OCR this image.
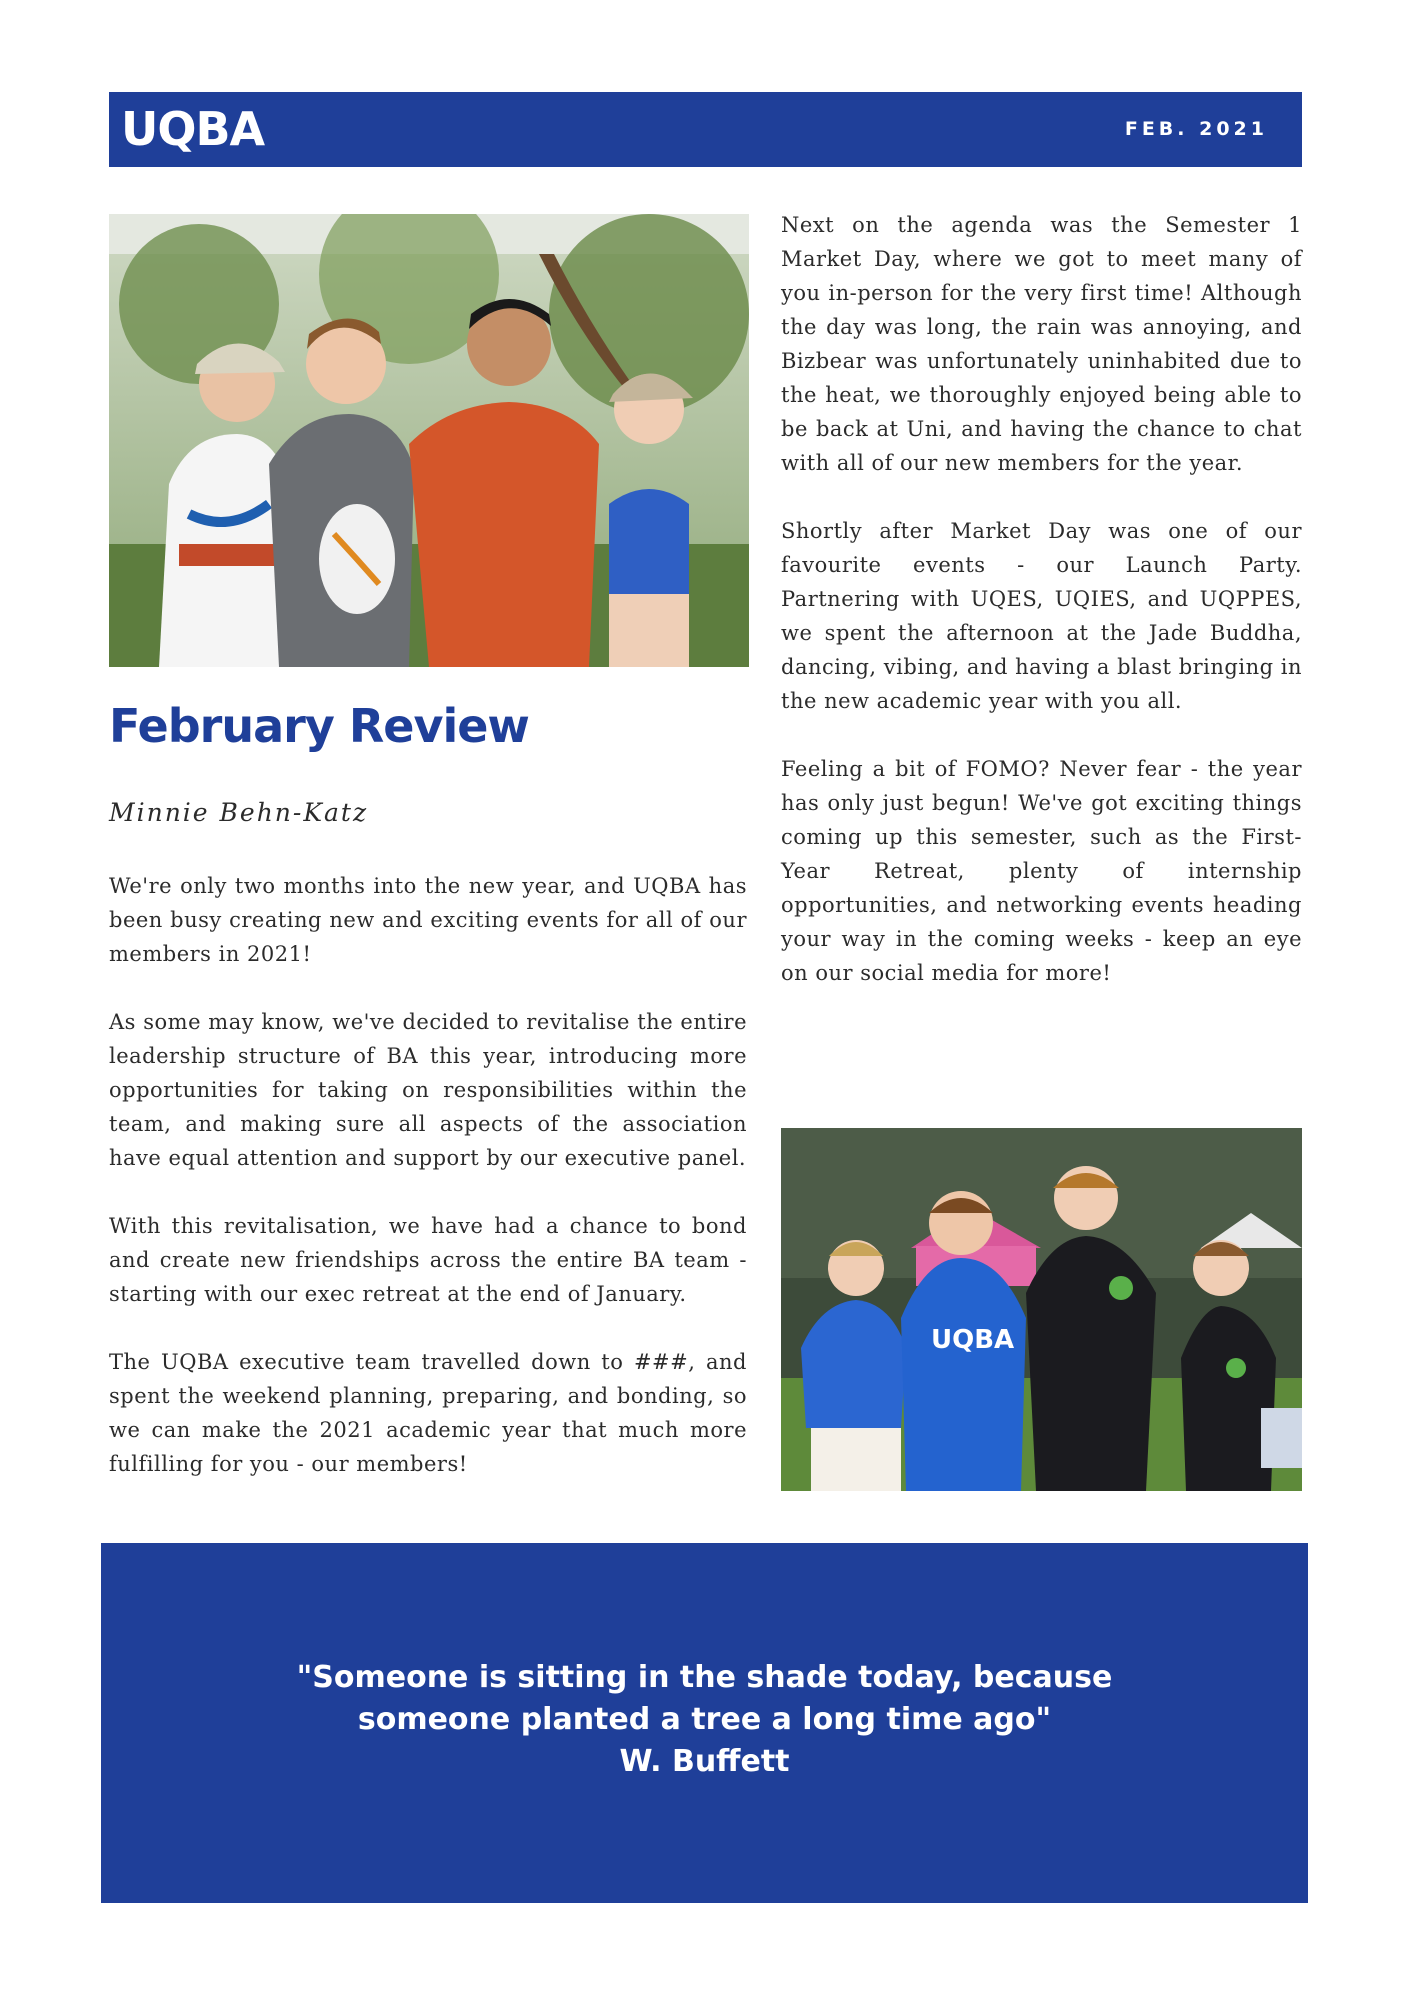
UQBA	FEB. 2021
February Review
Minnie Behn-Katz

We're only two months into the new year, and UQBA has been busy creating new and exciting events for all of our members in 2021!

As some may know, we've decided to revitalise the entire leadership structure of BA this year, introducing more opportunities for taking on responsibilities within the team, and making sure all aspects of the association have equal attention and support by our executive panel.

With this revitalisation, we have had a chance to bond and create new friendships across the entire BA team - starting with our exec retreat at the end of January.

The UQBA executive team travelled down to ###, and spent the weekend planning, preparing, and bonding, so we can make the 2021 academic year that much more fulfilling for you - our members!

Next on the agenda was the Semester 1 Market Day, where we got to meet many of you in-person for the very first time! Although the day was long, the rain was annoying, and Bizbear was unfortunately uninhabited due to the heat, we thoroughly enjoyed being able to be back at Uni, and having the chance to chat with all of our new members for the year.

Shortly after Market Day was one of our favourite events - our Launch Party. Partnering with UQES, UQIES, and UQPPES, we spent the afternoon at the Jade Buddha, dancing, vibing, and having a blast bringing in the new academic year with you all.

Feeling a bit of FOMO? Never fear - the year has only just begun! We've got exciting things coming up this semester, such as the First-Year Retreat, plenty of internship opportunities, and networking events heading your way in the coming weeks - keep an eye on our social media for more!

UQBA
"Someone is sitting in the shade today, because
someone planted a tree a long time ago"
W. Buffett
